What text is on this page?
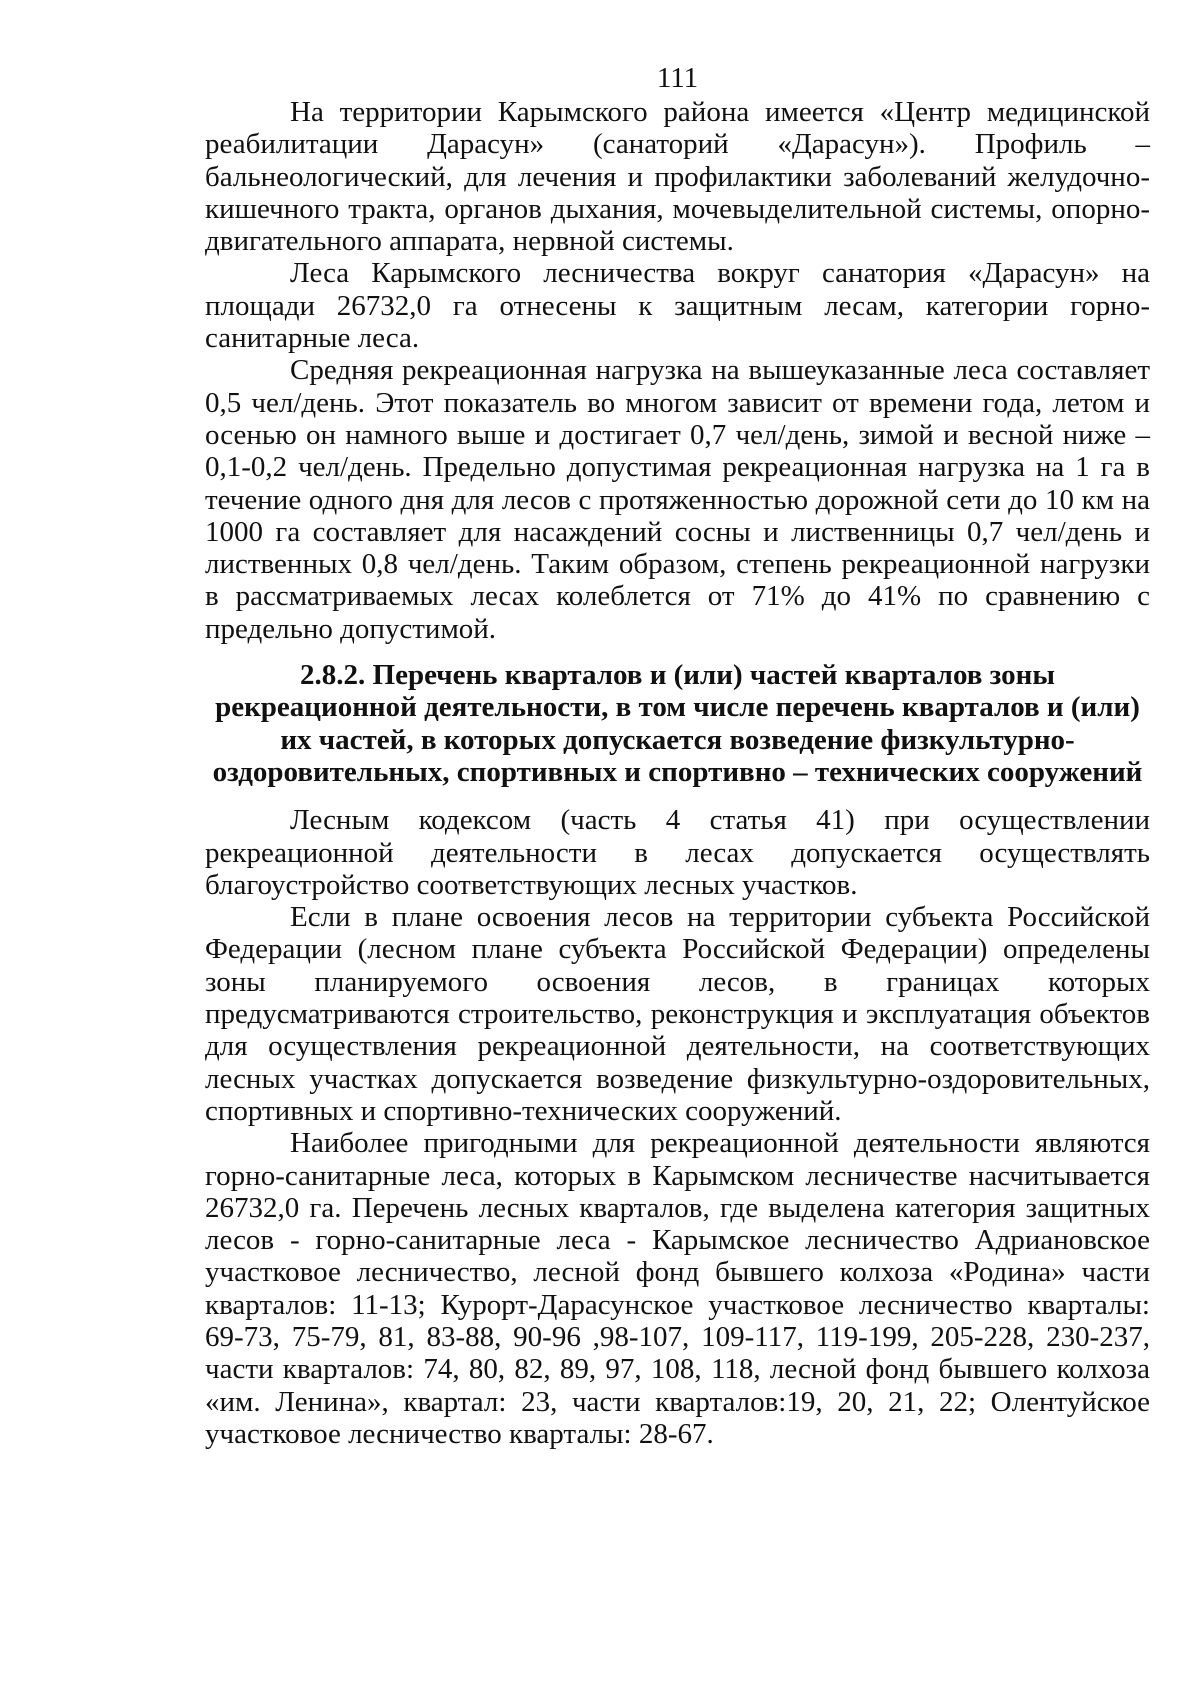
111

На территории Карымского района имеется «Центр медицинской реабилитации Дарасун» (санаторий «Дарасун»). Профиль – бальнеологический, для лечения и профилактики заболеваний желудочно-кишечного тракта, органов дыхания, мочевыделительной системы, опорно-двигательного аппарата, нервной системы.

Леса Карымского лесничества вокруг санатория «Дарасун» на площади 26732,0 га отнесены к защитным лесам, категории горно-санитарные леса.

Средняя рекреационная нагрузка на вышеуказанные леса составляет 0,5 чел/день. Этот показатель во многом зависит от времени года, летом и осенью он намного выше и достигает 0,7 чел/день, зимой и весной ниже – 0,1-0,2 чел/день. Предельно допустимая рекреационная нагрузка на 1 га в течение одного дня для лесов с протяженностью дорожной сети до 10 км на 1000 га составляет для насаждений сосны и лиственницы 0,7 чел/день и лиственных 0,8 чел/день. Таким образом, степень рекреационной нагрузки в рассматриваемых лесах колеблется от 71% до 41% по сравнению с предельно допустимой.

2.8.2. Перечень кварталов и (или) частей кварталов зоны рекреационной деятельности, в том числе перечень кварталов и (или) их частей, в которых допускается возведение физкультурно-оздоровительных, спортивных и спортивно – технических сооружений

Лесным кодексом (часть 4 статья 41) при осуществлении рекреационной деятельности в лесах допускается осуществлять благоустройство соответствующих лесных участков.

Если в плане освоения лесов на территории субъекта Российской Федерации (лесном плане субъекта Российской Федерации) определены зоны планируемого освоения лесов, в границах которых предусматриваются строительство, реконструкция и эксплуатация объектов для осуществления рекреационной деятельности, на соответствующих лесных участках допускается возведение физкультурно-оздоровительных, спортивных и спортивно-технических сооружений.

Наиболее пригодными для рекреационной деятельности являются горно-санитарные леса, которых в Карымском лесничестве насчитывается 26732,0 га. Перечень лесных кварталов, где выделена категория защитных лесов - горно-санитарные леса - Карымское лесничество Адриановское участковое лесничество, лесной фонд бывшего колхоза «Родина» части кварталов: 11-13; Курорт-Дарасунское участковое лесничество кварталы: 69-73, 75-79, 81, 83-88, 90-96 ,98-107, 109-117, 119-199, 205-228, 230-237, части кварталов: 74, 80, 82, 89, 97, 108, 118, лесной фонд бывшего колхоза «им. Ленина», квартал: 23, части кварталов:19, 20, 21, 22; Олентуйское участковое лесничество кварталы: 28-67.
